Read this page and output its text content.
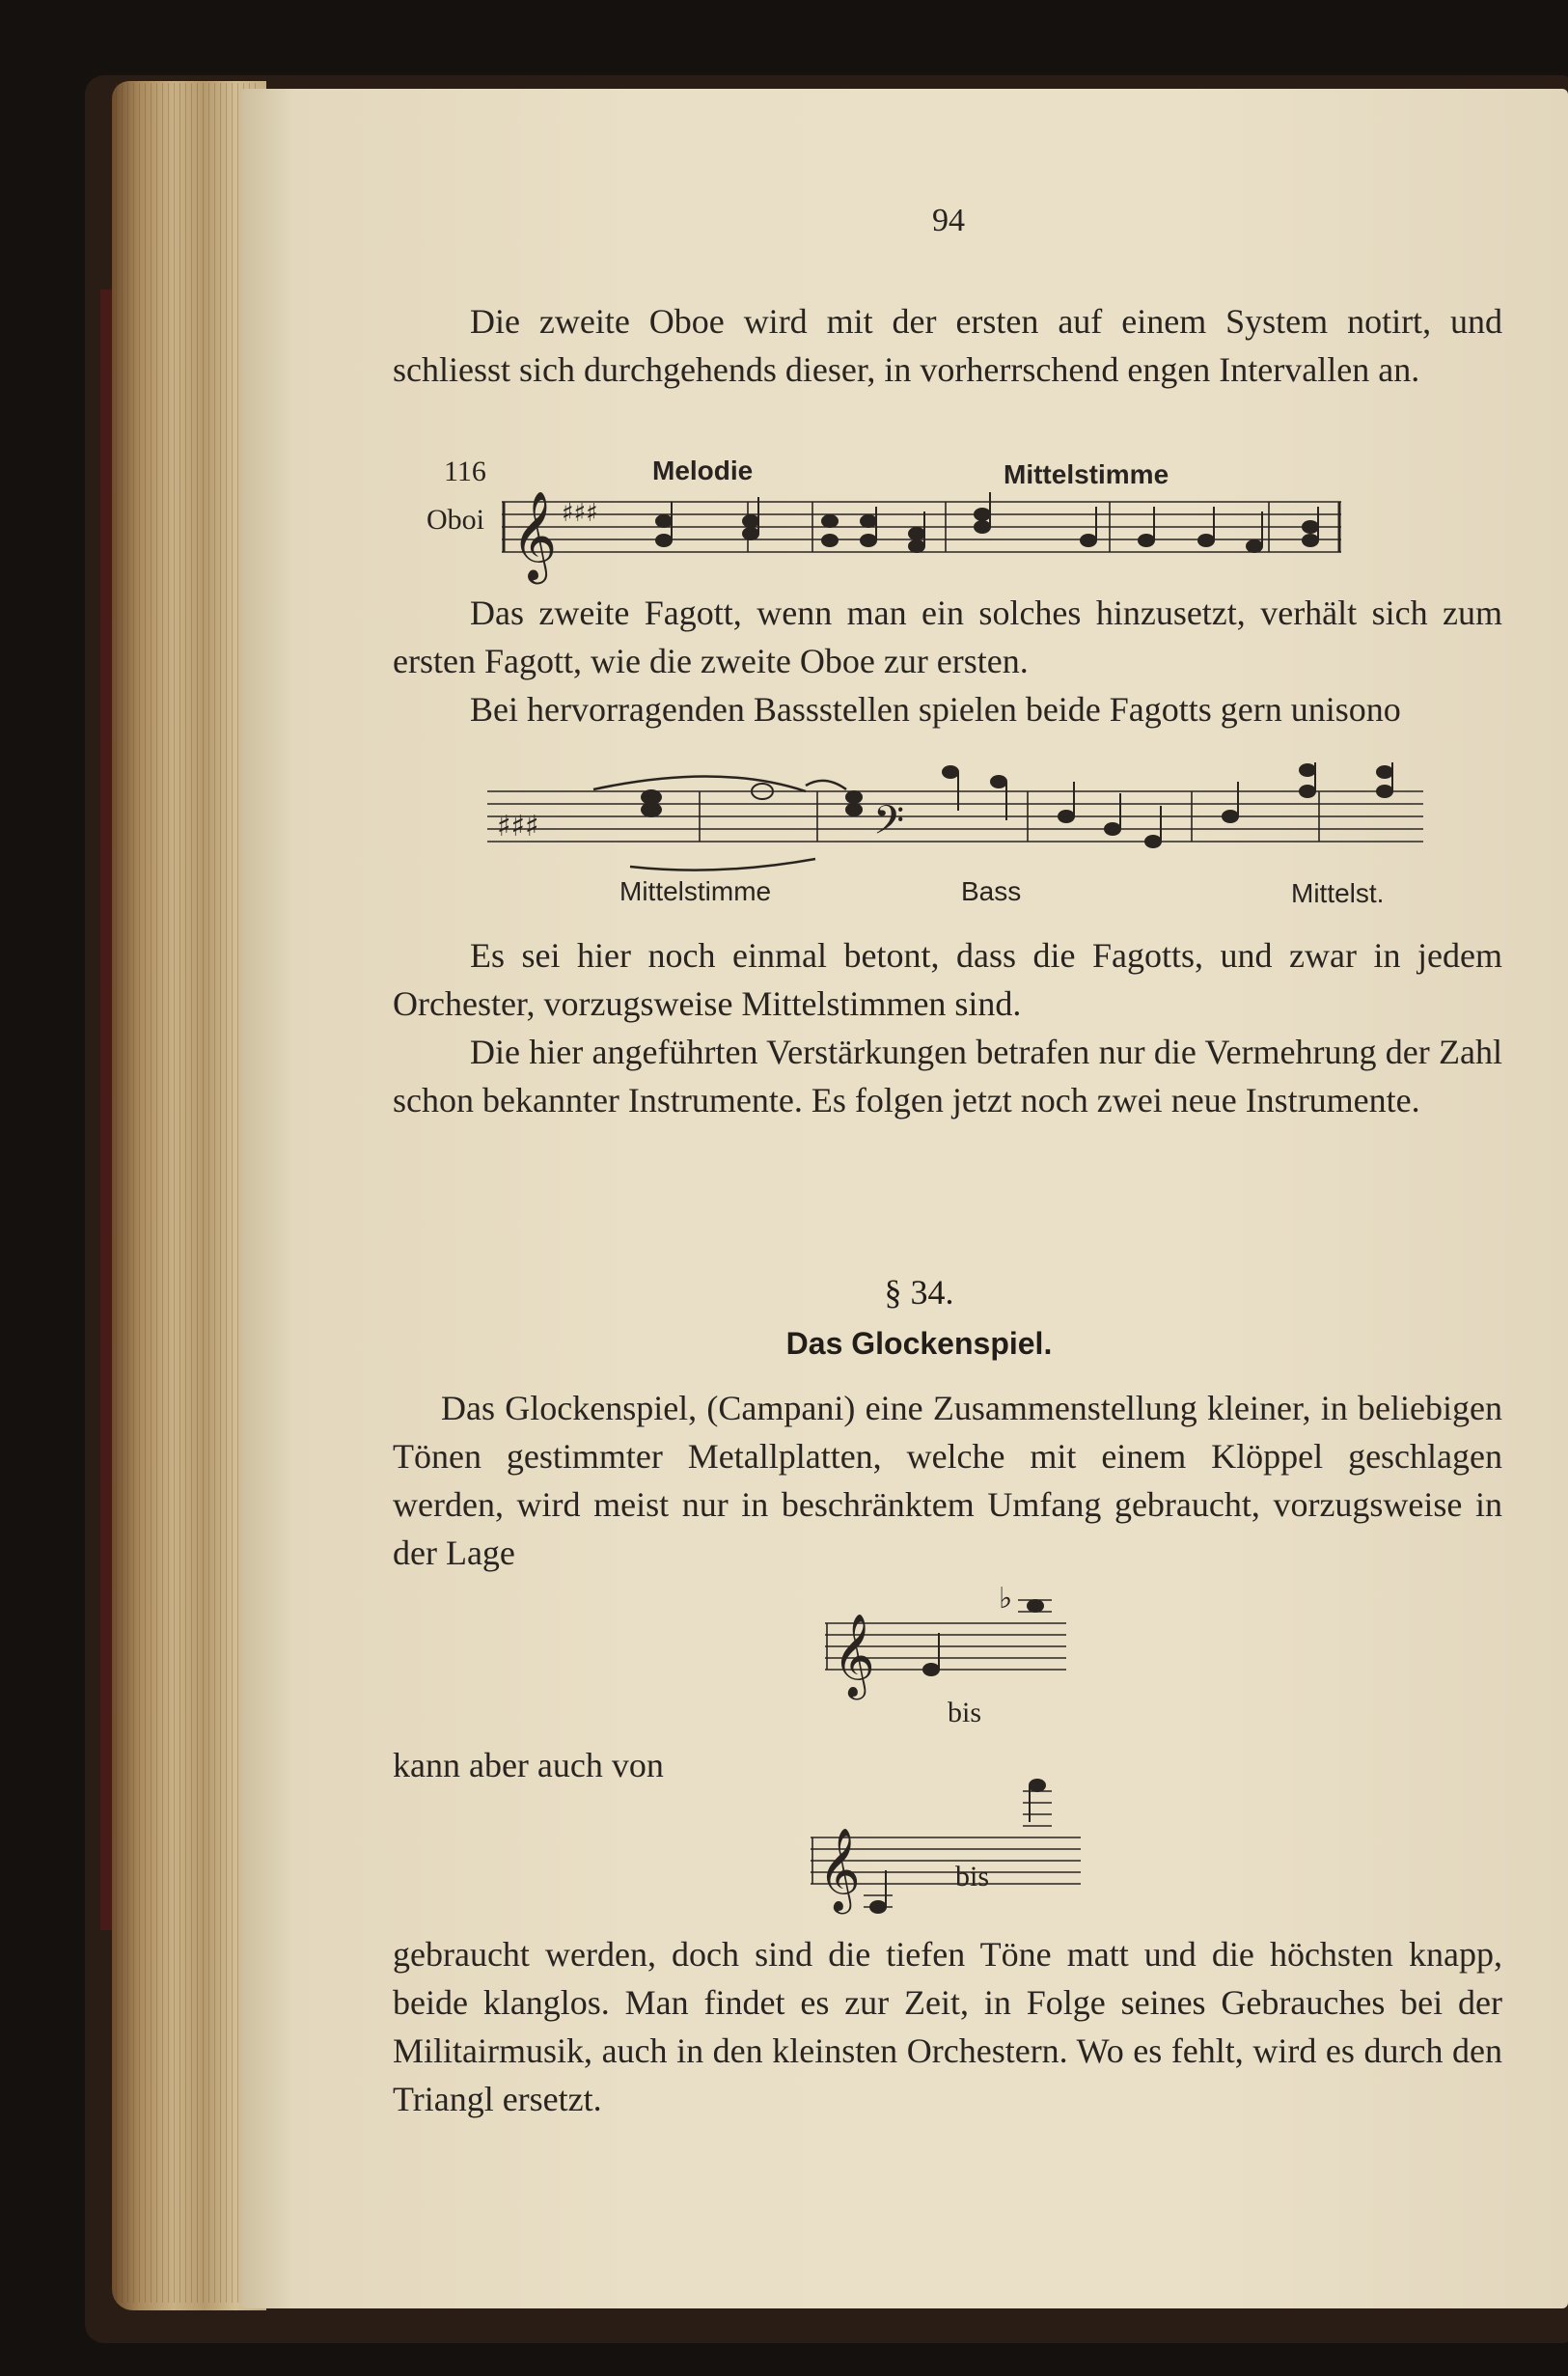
94

Die zweite Oboe wird mit der ersten auf einem System notirt, und schliesst sich durchgehends dieser, in vorherrschend engen Intervallen an.

116
Oboi
Melodie	Mittelstimme
𝄞 ♯♯♯

Das zweite Fagott, wenn man ein solches hinzusetzt, verhält sich zum ersten Fagott, wie die zweite Oboe zur ersten.

Bei hervorragenden Bassstellen spielen beide Fagotts gern unisono

♯♯♯	𝄢
Mittelstimme	Bass	Mittelst.

Es sei hier noch einmal betont, dass die Fagotts, und zwar in jedem Orchester, vorzugsweise Mittelstimmen sind.

Die hier angeführten Verstärkungen betrafen nur die Vermehrung der Zahl schon bekannter Instrumente. Es folgen jetzt noch zwei neue Instrumente.

§ 34.
Das Glockenspiel.

Das Glockenspiel, (Campani) eine Zusammenstellung kleiner, in beliebigen Tönen gestimmter Metallplatten, welche mit einem Klöppel geschlagen werden, wird meist nur in beschränktem Umfang gebraucht, vorzugsweise in der Lage

𝄞
♭
bis

kann aber auch von

𝄞	bis

gebraucht werden, doch sind die tiefen Töne matt und die höchsten knapp, beide klanglos. Man findet es zur Zeit, in Folge seines Gebrauches bei der Militairmusik, auch in den kleinsten Orchestern. Wo es fehlt, wird es durch den Triangl ersetzt.
